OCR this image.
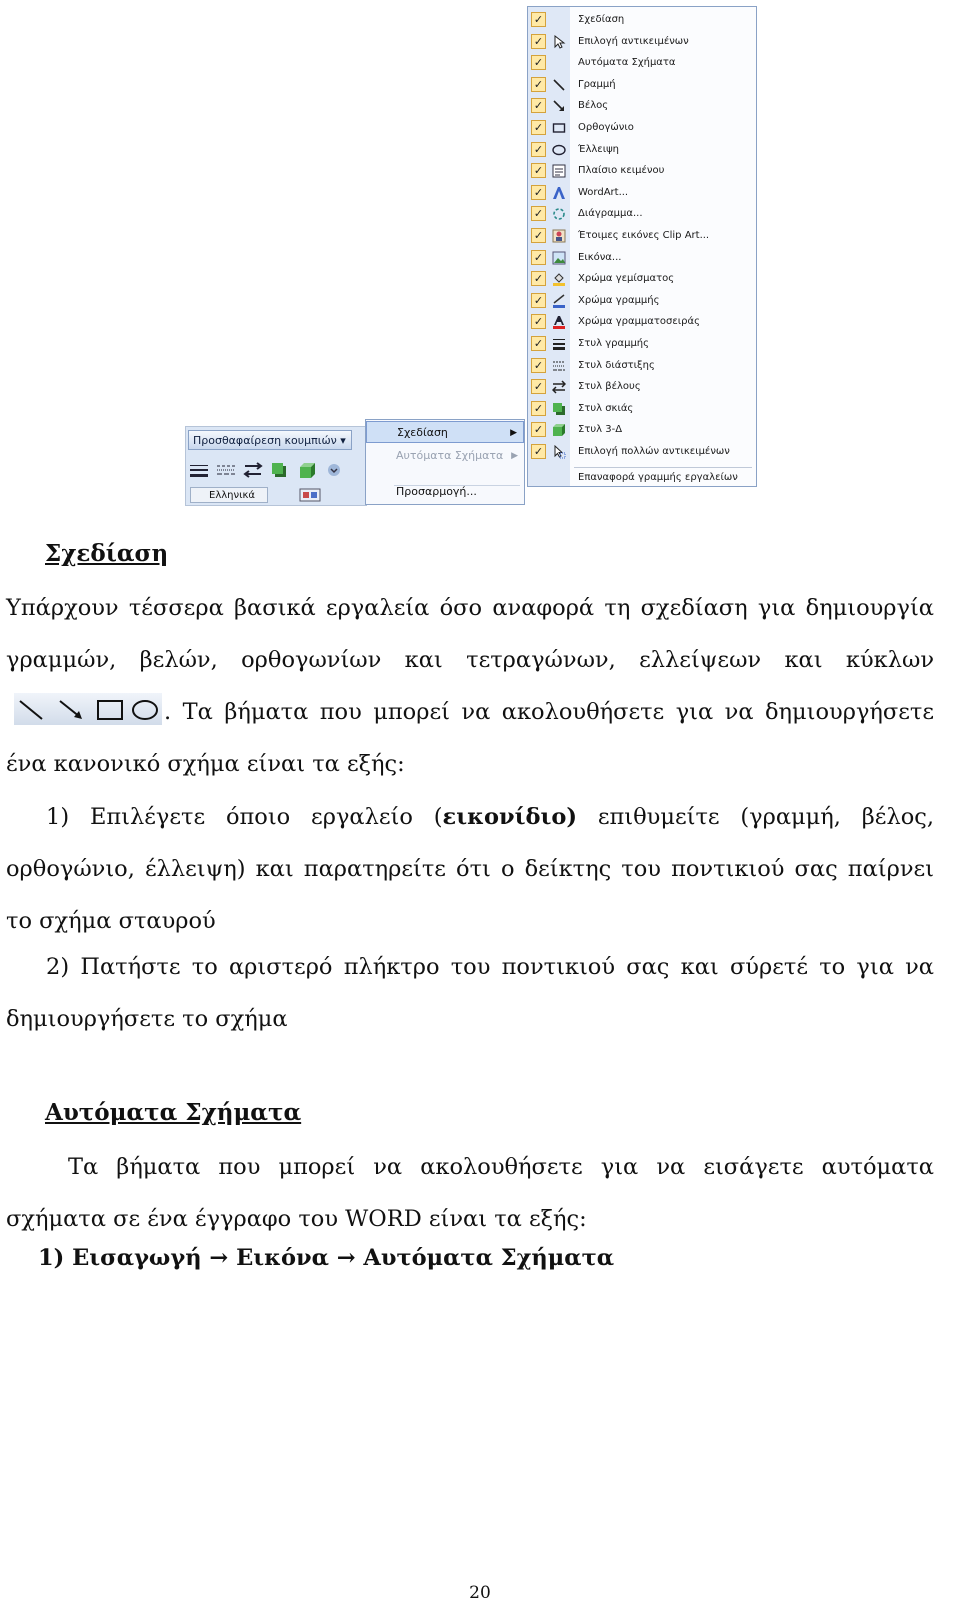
Προσθαφαίρεση κουμπιών ▾
Ελληνικά
Σχεδίαση	▶
Αυτόματα Σχήματα ▶
Προσαρμογή...
Επαναφορά γραμμής εργαλείων
✓	Σχεδίαση
✓	Επιλογή αντικειμένων
✓	Αυτόματα Σχήματα
✓	Γραμμή
✓	Βέλος
✓	Ορθογώνιο
✓	Έλλειψη
✓	Πλαίσιο κειμένου
✓	WordArt...
✓	Διάγραμμα...
✓	Έτοιμες εικόνες Clip Art...
✓	Εικόνα...
✓	Χρώμα γεμίσματος
✓	Χρώμα γραμμής
✓	Χρώμα γραμματοσειράς
✓	Στυλ γραμμής
✓	Στυλ διάστιξης
✓	Στυλ βέλους
✓	Στυλ σκιάς
✓	Στυλ 3-Δ
✓	Επιλογή πολλών αντικειμένων
Σχεδίαση

Υπάρχουν τέσσερα βασικά εργαλεία όσο αναφορά τη σχεδίαση για δημιουργία γραμμών, βελών, ορθογωνίων και τετραγώνων, ελλείψεων και κύκλων
. Τα βήματα που μπορεί να ακολουθήσετε για να δημιουργήσετε ένα κανονικό σχήμα είναι τα εξής:

1) Επιλέγετε όποιο εργαλείο (εικονίδιο) επιθυμείτε (γραμμή, βέλος, ορθογώνιο, έλλειψη) και παρατηρείτε ότι ο δείκτης του ποντικιού σας παίρνει το σχήμα σταυρού

2) Πατήστε το αριστερό πλήκτρο του ποντικιού σας και σύρετέ το για να δημιουργήσετε το σχήμα

Αυτόματα Σχήματα

Τα βήματα που μπορεί να ακολουθήσετε για να εισάγετε αυτόματα σχήματα σε ένα έγγραφο του WORD είναι τα εξής:

1) Εισαγωγή → Εικόνα → Αυτόματα Σχήματα

20
